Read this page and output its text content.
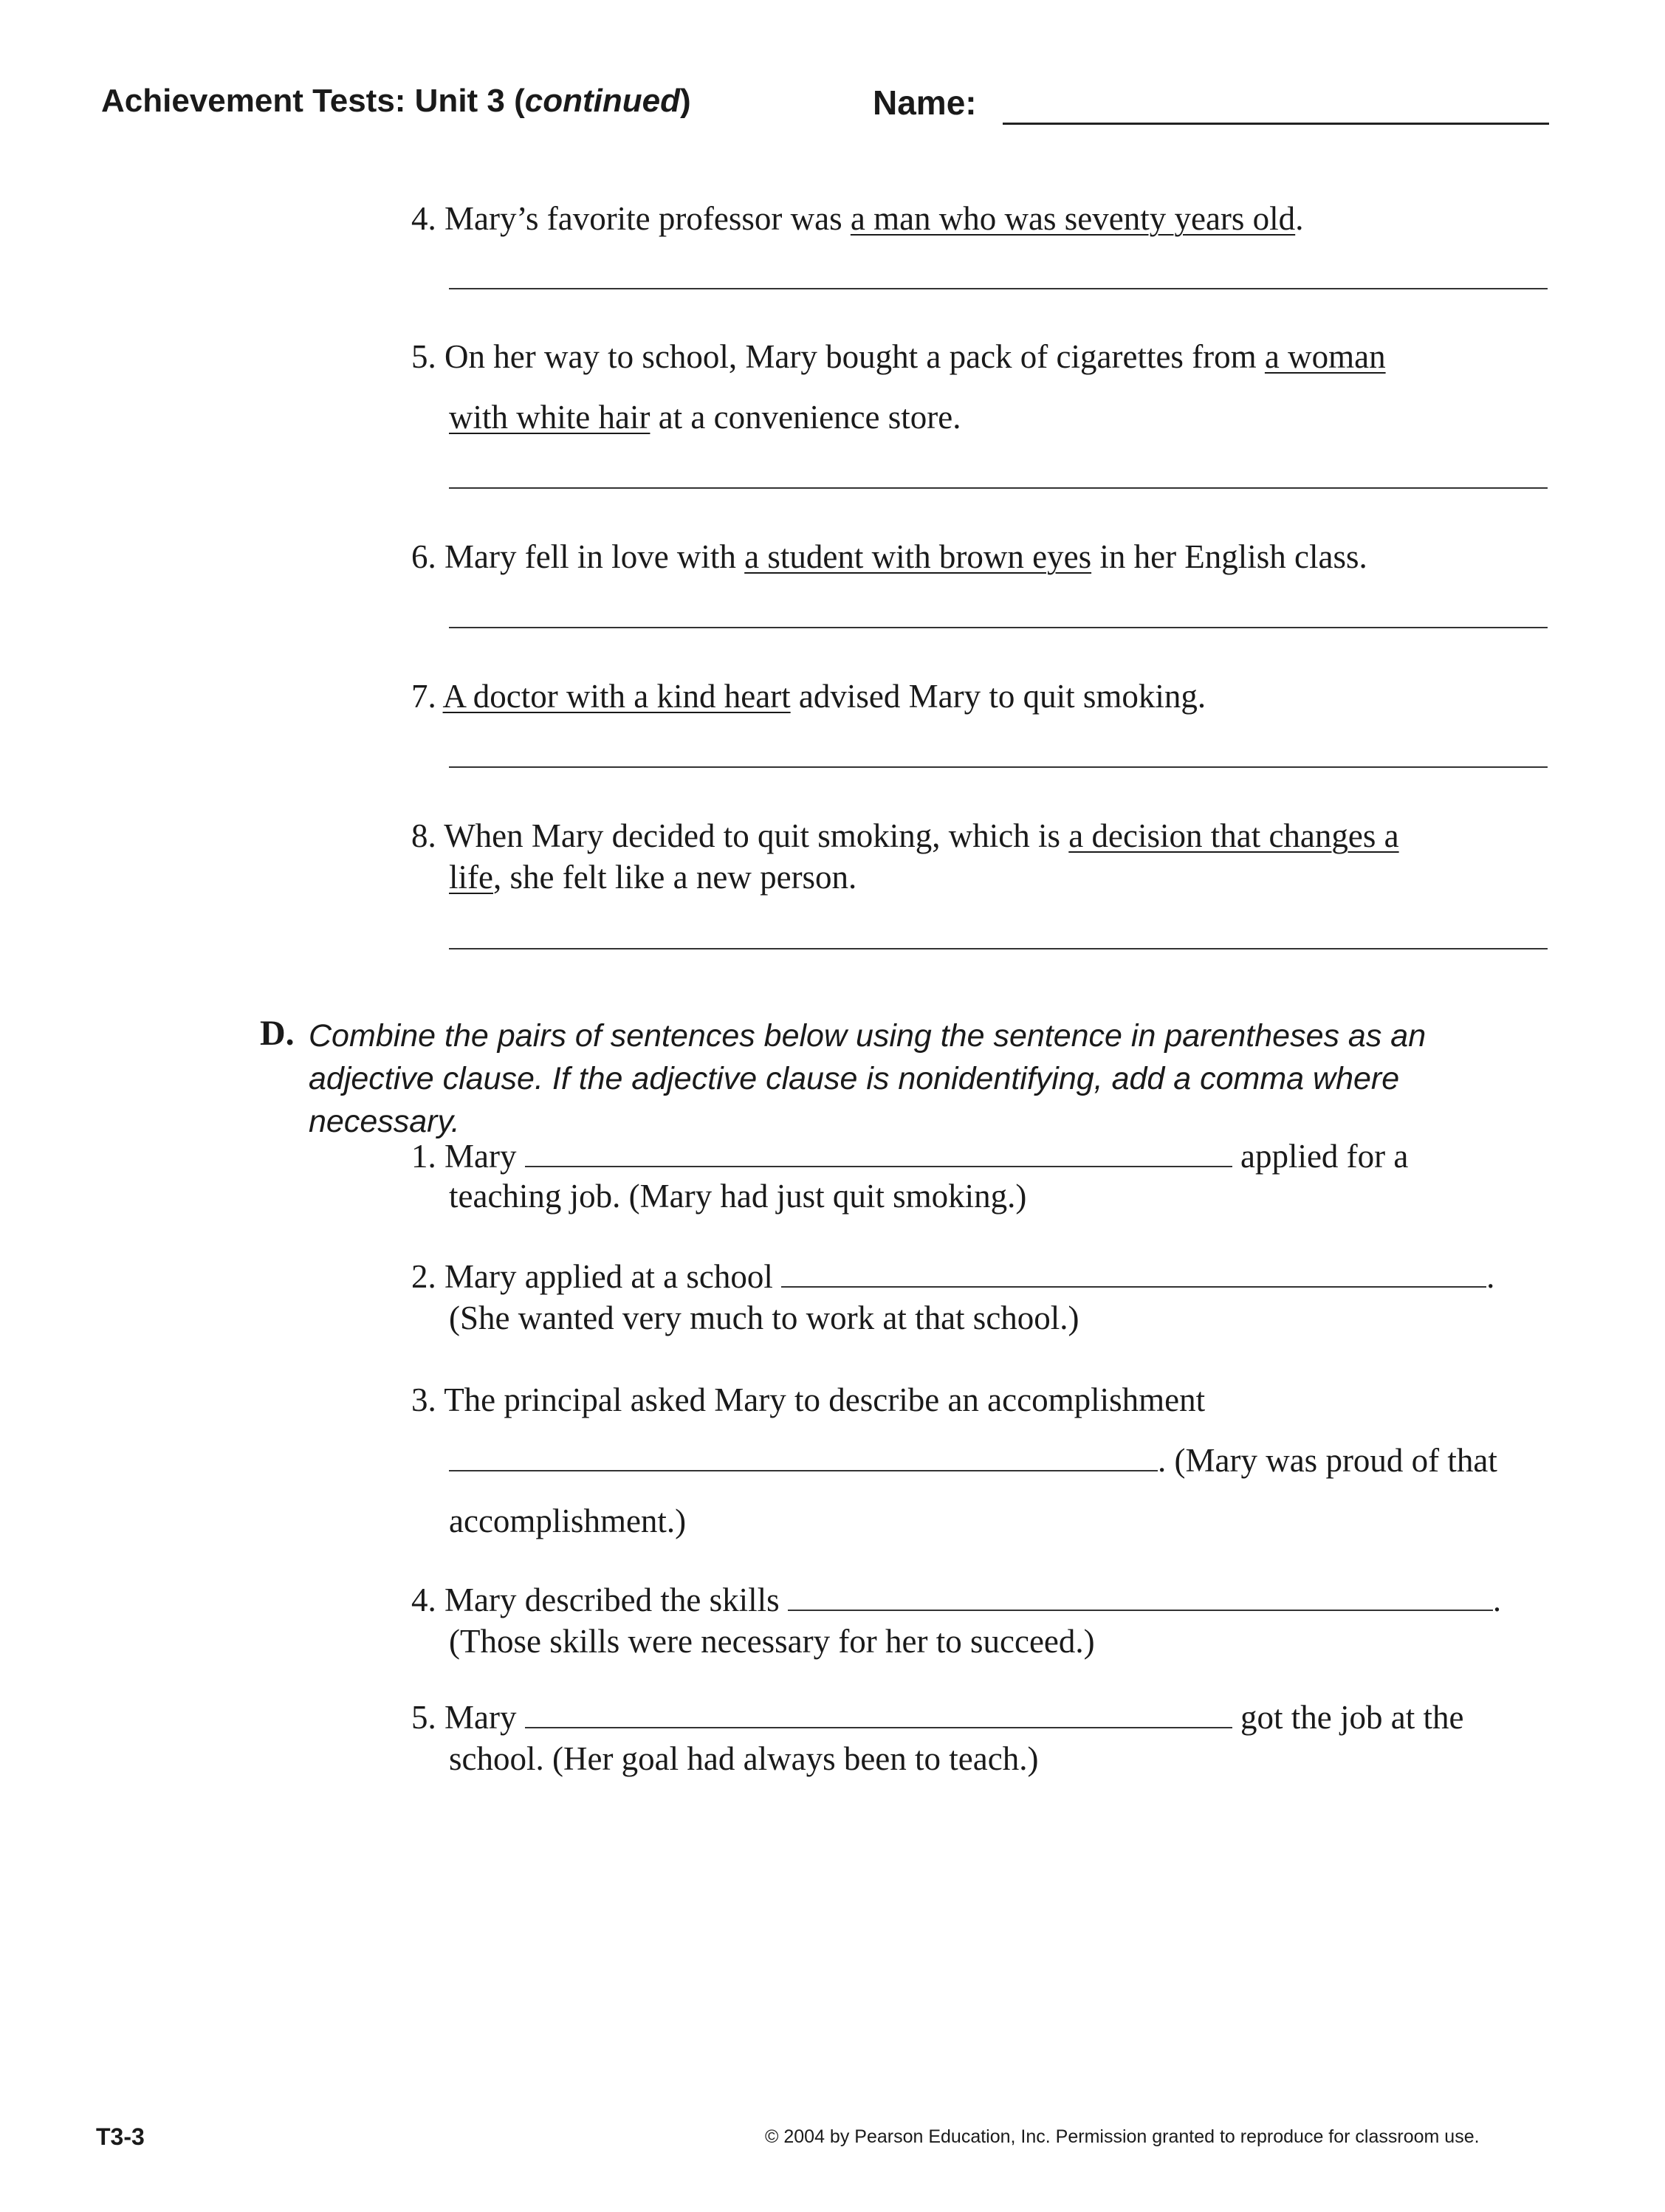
Achievement Tests: Unit 3 (continued)	Name:
4. Mary’s favorite professor was a man who was seventy years old.
5. On her way to school, Mary bought a pack of cigarettes from a woman
with white hair at a convenience store.
6. Mary fell in love with a student with brown eyes in her English class.
7. A doctor with a kind heart advised Mary to quit smoking.
8. When Mary decided to quit smoking, which is a decision that changes a
life, she felt like a new person.
D. Combine the pairs of sentences below using the sentence in parentheses as an adjective clause. If the adjective clause is nonidentifying, add a comma where necessary.
1. Mary	applied for a
teaching job. (Mary had just quit smoking.)
2. Mary applied at a school	.
(She wanted very much to work at that school.)
3. The principal asked Mary to describe an accomplishment
. (Mary was proud of that
accomplishment.)
4. Mary described the skills	.
(Those skills were necessary for her to succeed.)
5. Mary	got the job at the
school. (Her goal had always been to teach.)
T3-3	© 2004 by Pearson Education, Inc. Permission granted to reproduce for classroom use.
